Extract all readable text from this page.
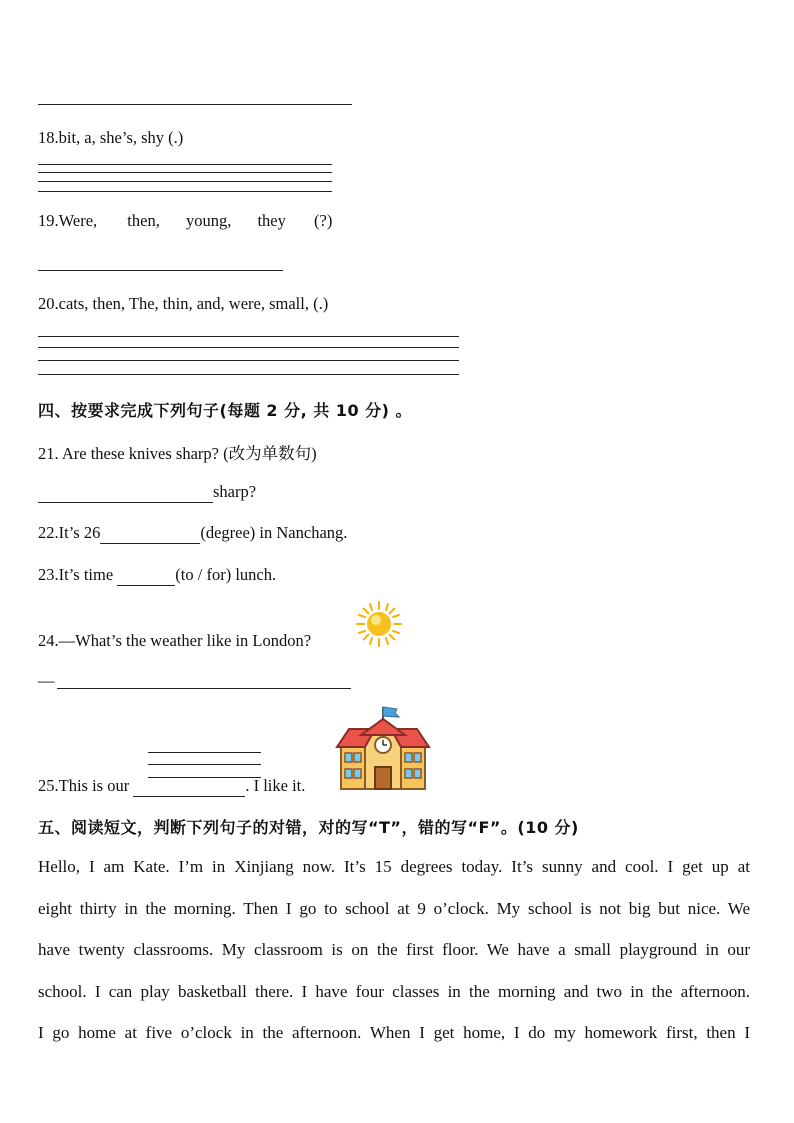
18.bit, a, she’s, shy (.)
19.Were, then, young, they (?)
20.cats, then, The, thin, and, were, small, (.)
四、按要求完成下列句子(每题 2 分, 共 10 分) 。
21. Are these knives sharp? (改为单数句)
sharp?
22.It’s 26	(degree) in Nanchang.
23.It’s time	(to / for) lunch.
24.—What’s the weather like in London?
—
25.This is our	. I like it.
五、阅读短文，判断下列句子的对错，对的写“T”，错的写“F”。(10 分)
Hello, I am Kate. I’m in Xinjiang now. It’s 15 degrees today. It’s sunny and cool. I get up at
eight thirty in the morning. Then I go to school at 9 o’clock. My school is not big but nice. We
have twenty classrooms. My classroom is on the first floor. We have a small playground in our
school. I can play basketball there. I have four classes in the morning and two in the afternoon.
I go home at five o’clock in the afternoon. When I get home, I do my homework first, then I
